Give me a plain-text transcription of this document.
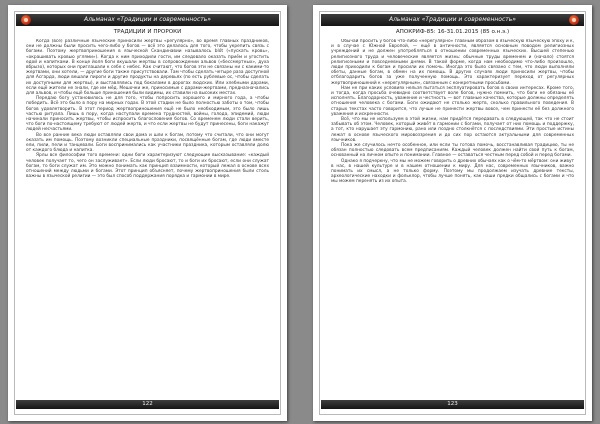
Альманах «Традиции и современность»
ТРАДИЦИИ И ПРОРОКИ

Когда (все) различные языческие приносили жертвы «регулярно», во время главных праздников, они не должны были просить чего-либо у богов — всё это делалось для того, чтобы укрепить связь с богами. Поэтому жертвоприношения в языческой Скандинавии называлось blót («пускать кровь», «окрашивать кровью углями»). Когда к ним приходили гости, им следовало оказать приём и угостить едой и напитками. В конце йоля боги вкушали жертвы в сопровождении альвов («бессмертных», духа вбрызо), которых они приглашали к себе с небес. Как считают, что богов эти не связаны ни с какими-то жертвами, они хотели, — другие боги также присутствовали. Там чтобы сделать четыре раза доступной для Асгарда, люди вешали пироги и другие продукты на деревьях (по есть рублевые ос, чтобы сделать их доступными для жертвы), и выставлялись под бокалами в дорогах людских. Или хлебными дарами, если ещё жители не знали, где им мёд. Мешочки же, приносимые с дарами-жертвами, предназначались для альвов, и чтобы ещё больше приношения были видимы, их ставили на высоких местах.

Передаю богу установилось не для того, чтобы попросить хорошего и мирного года, а чтобы победить. Всё это было в пору на мирных годах. В этой стадии не было полностью заботы о том, чтобы богов удовлетворить. В этот период жертвоприношения ещё не было необходимым, это было лишь частью ритуала. Лишь в пору, когда наступали времена трудностей, войны, голода, эпидемий, люди начинали приносить жертвы, чтобы испросить благословения богов. Со временем люди стали верить, что боги по-настоящему требуют от людей жертв, и что если жертвы не будут принесены, боги накажут людей несчастьями.

Во все ранние века люди оставляли свои дома и шли к богам, потому что считали, что они могут оказать им помощь. Поэтому возникли специальные праздники, посвящённые богам, где люди вместе ели, пили, пели и танцевали. Боги воспринимались как участники праздника, которым оставляли долю от каждого блюда и напитка.

Ярлы все философии того времени: одни боги характеризуют следующие высказывание: «каждый человек получает то, чего он заслуживает». Если люди бросают, то и боги их бросают, если они служат богам, то боги служат им. Это можно понимать как принцип взаимности, который лежал в основе всех отношений между людьми и богами. Этот принцип объясняет, почему жертвоприношения были столь важны в языческой религии — это был способ поддержания порядка и гармонии в мире.

122
Альманах «Традиции и современность»
АПОКРИФ-85: 16-31.01.2015 (85 о.н.э.)

Обычай просить у богов что-либо «нерегулярно» главным образом в языческую языческую эпоху и к, и в случае с Южной Европой, — ещё в античности, является основным поводом религиозных учреждений и не должен употребляться в отношении современных языческих. Высшей степенью религиозного труда и человеческие является жизнь: обычные труды временем и (начало) стоятся религиозными и повседневными днями. В такой форме, когда нам необходимо что-либо произошло, люди приходили к богам и просили их помочь. Иногда это было связано с тем, что люди выполняли обеты, данные богам, в обмен на их помощь. В других случаях люди приносили жертвы, чтобы отблагодарить богов за уже полученную помощь. Это характеризует переход от регулярных жертвоприношений к «нерегулярным», связанным с конкретными просьбами.

Нам не при каких условиях нельзя пытаться эксплуатировать богов в своих интересах. Кроме того, и тогда, когда просьба очевидно соответствует воле богов, нужно помнить, что боги не обязаны её исполнять. Благодарность, уважение и честность — вот главные качества, которые должны определять отношения человека с богами. Боги ожидают не столько жертв, сколько правильного поведения. В старых текстах часто говорится, что лучше не принести жертвы вовсе, чем принести её без должного уважения и искренности.

Всё, что мы не используем в этой жизни, нам придётся передавать в следующей, так что не стоит забывать об этом. Человек, который живёт в гармонии с богами, получает от них помощь и поддержку, а тот, кто нарушает эту гармонию, рано или поздно столкнётся с последствиями. Эти простые истины лежат в основе языческого мировоззрения и до сих пор остаются актуальными для современных язычников.

Пока же случилось нечто особенное, или если ты готова помочь, восстанавливая традицию, ты не обязан полностью следовать всем предписаниям. Каждый человек должен найти свой путь к богам, основанный на личном опыте и понимании. Главное — оставаться честным перед собой и перед богами.

Однако я подчеркну, что мы не можем говорить о древних обычаях как о чём-то мёртвом: они живут в нас, в нашей культуре и в нашем отношении к миру. Для нас, современных язычников, важно понимать их смысл, а не только форму. Поэтому мы продолжаем изучать древние тексты, археологические находки и фольклор, чтобы лучше понять, как наши предки общались с богами и что мы можем перенять из их опыта.

123
